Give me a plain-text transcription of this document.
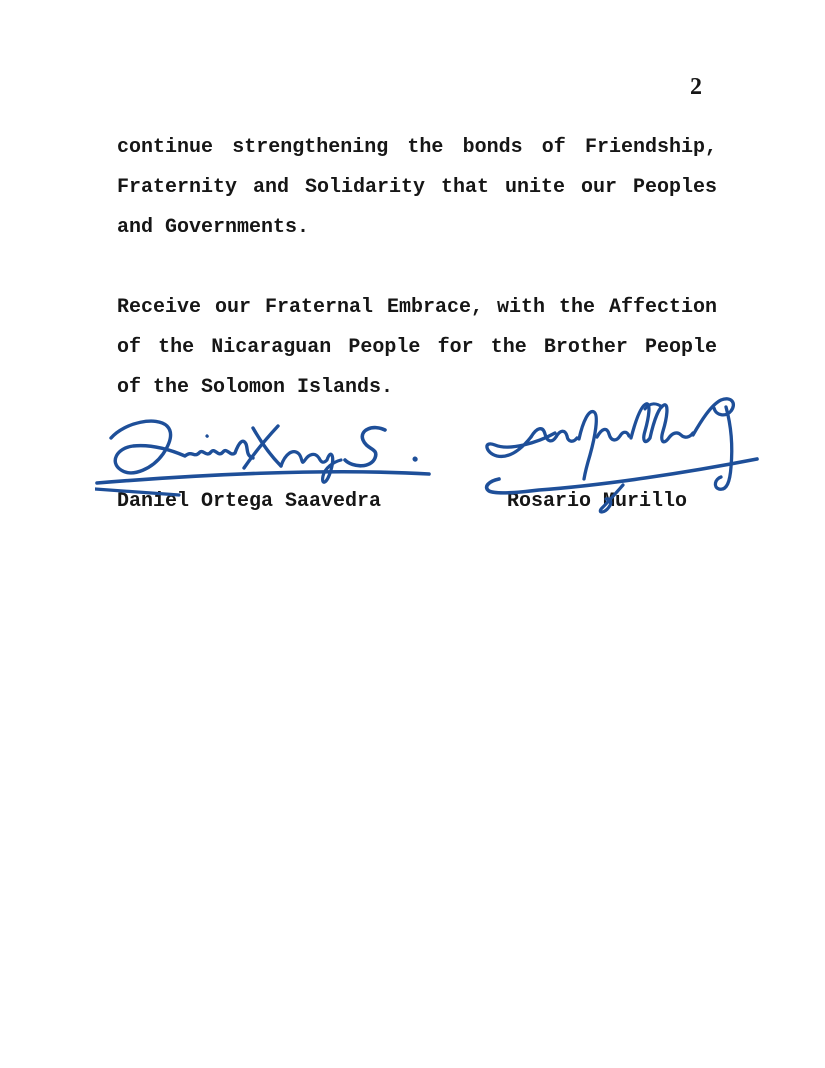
2
continue strengthening the bonds of Friendship,
Fraternity and Solidarity that unite our Peoples
and Governments.
Receive our Fraternal Embrace, with the Affection
of the Nicaraguan People for the Brother People
of the Solomon Islands.
Daniel Ortega Saavedra	Rosario Murillo
